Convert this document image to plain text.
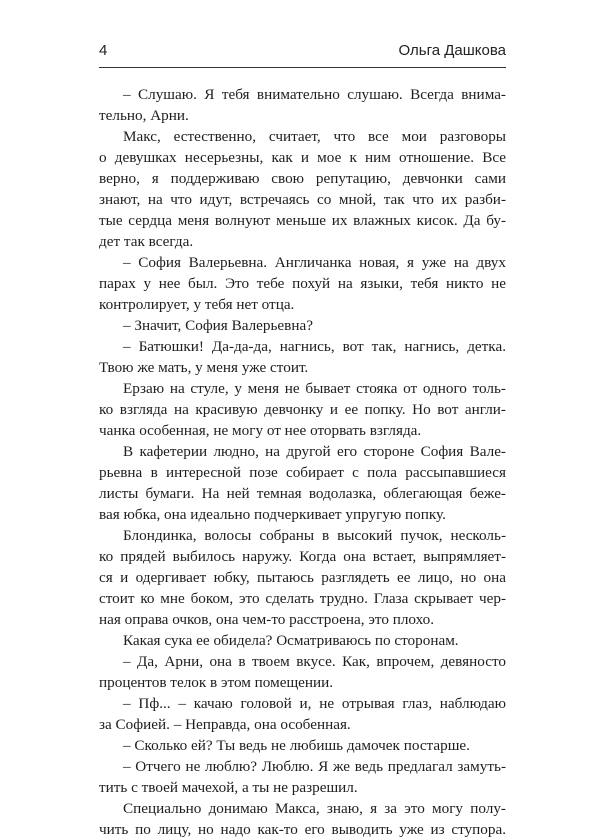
4	Ольга Дашкова
– Слушаю. Я тебя внимательно слушаю. Всегда внима-
тельно, Арни.
Макс, естественно, считает, что все мои разговоры
о девушках несерьезны, как и мое к ним отношение. Все
верно, я поддерживаю свою репутацию, девчонки сами
знают, на что идут, встречаясь со мной, так что их разби-
тые сердца меня волнуют меньше их влажных кисок. Да бу-
дет так всегда.
– София Валерьевна. Англичанка новая, я уже на двух
парах у нее был. Это тебе похуй на языки, тебя никто не
контролирует, у тебя нет отца.
– Значит, София Валерьевна?
– Батюшки! Да-да-да, нагнись, вот так, нагнись, детка.
Твою же мать, у меня уже стоит.
Ерзаю на стуле, у меня не бывает стояка от одного толь-
ко взгляда на красивую девчонку и ее попку. Но вот англи-
чанка особенная, не могу от нее оторвать взгляда.
В кафетерии людно, на другой его стороне София Вале-
рьевна в интересной позе собирает с пола рассыпавшиеся
листы бумаги. На ней темная водолазка, облегающая беже-
вая юбка, она идеально подчеркивает упругую попку.
Блондинка, волосы собраны в высокий пучок, несколь-
ко прядей выбилось наружу. Когда она встает, выпрямляет-
ся и одергивает юбку, пытаюсь разглядеть ее лицо, но она
стоит ко мне боком, это сделать трудно. Глаза скрывает чер-
ная оправа очков, она чем-то расстроена, это плохо.
Какая сука ее обидела? Осматриваюсь по сторонам.
– Да, Арни, она в твоем вкусе. Как, впрочем, девяносто
процентов телок в этом помещении.
– Пф... – качаю головой и, не отрывая глаз, наблюдаю
за Софией. – Неправда, она особенная.
– Сколько ей? Ты ведь не любишь дамочек постарше.
– Отчего не люблю? Люблю. Я же ведь предлагал замуть-
тить с твоей мачехой, а ты не разрешил.
Специально донимаю Макса, знаю, я за это могу полу-
чить по лицу, но надо как-то его выводить уже из ступора.
